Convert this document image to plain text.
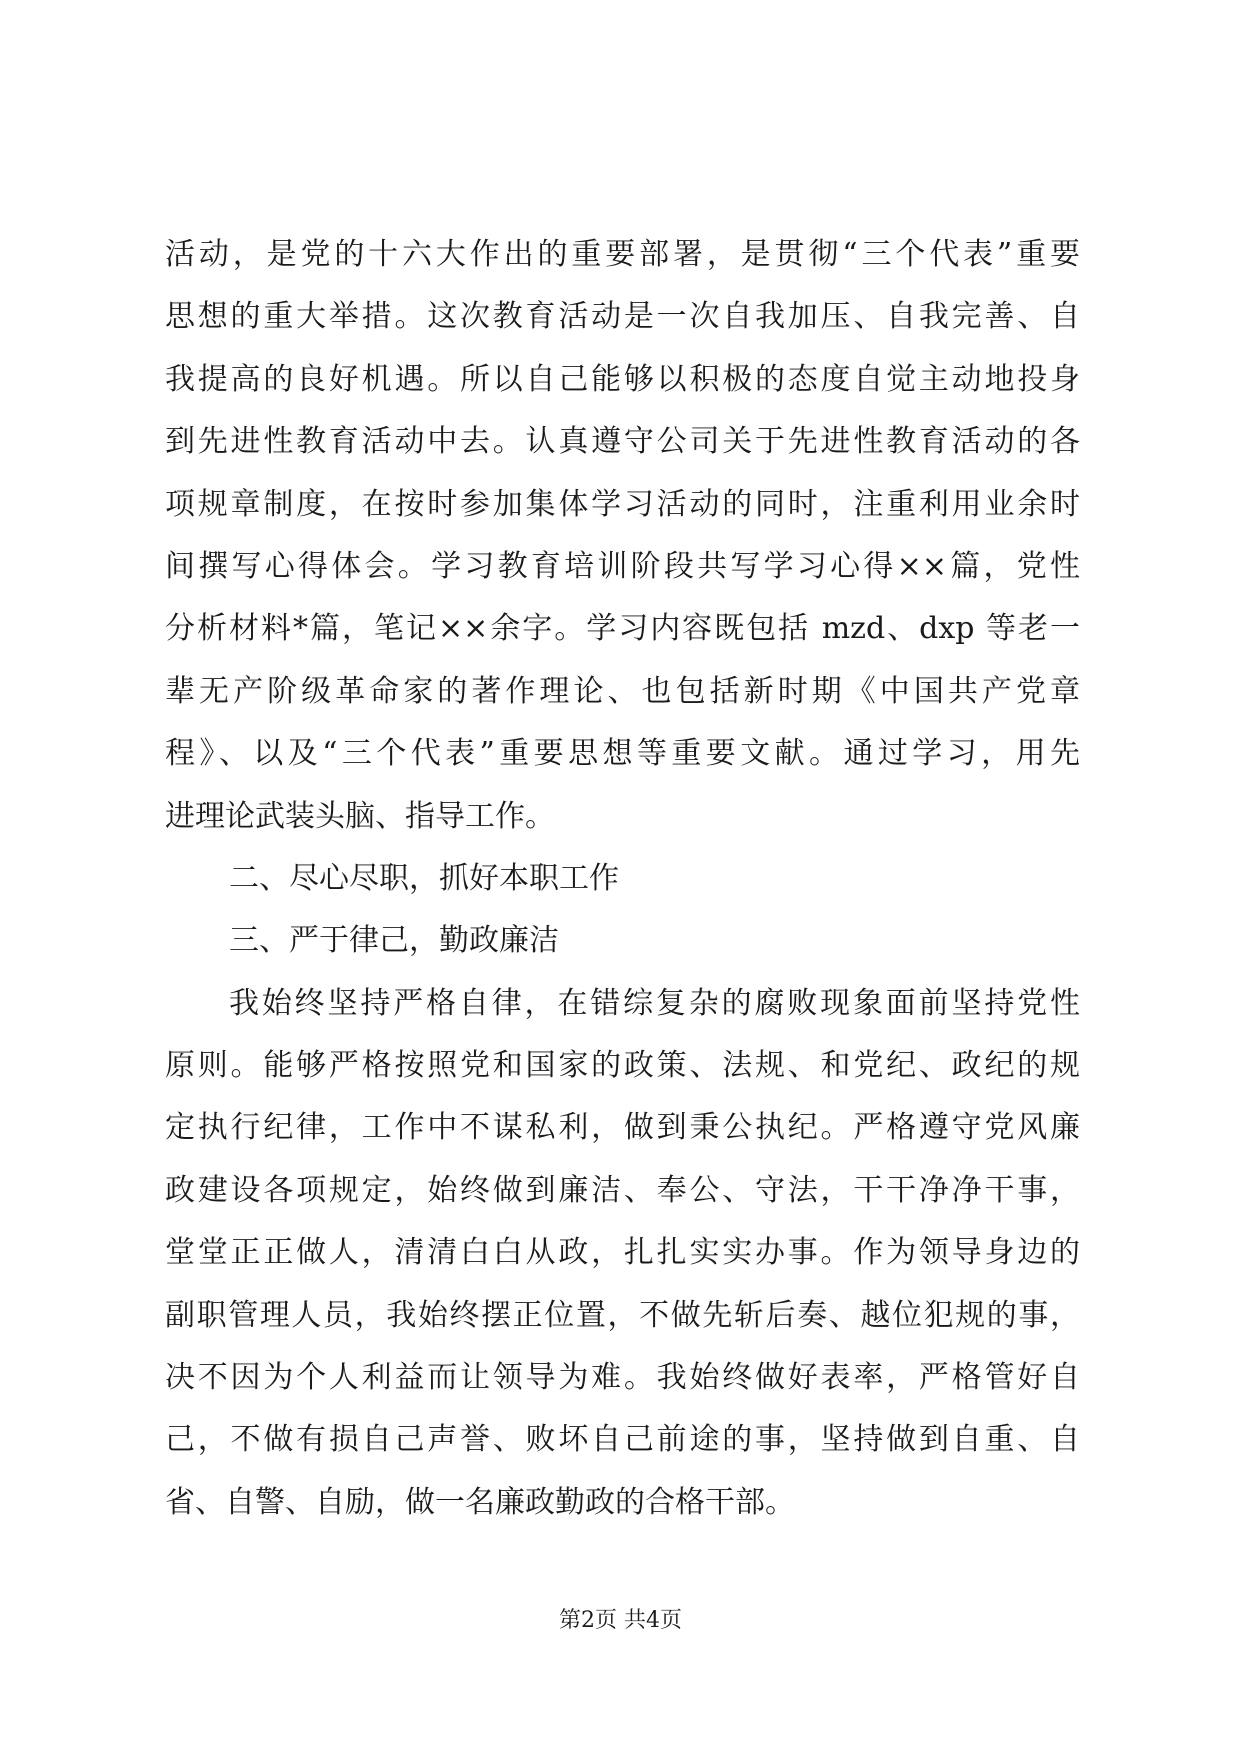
活动，是党的十六大作出的重要部署，是贯彻“三个代表”重要
思想的重大举措。这次教育活动是一次自我加压、自我完善、自
我提高的良好机遇。所以自己能够以积极的态度自觉主动地投身
到先进性教育活动中去。认真遵守公司关于先进性教育活动的各
项规章制度，在按时参加集体学习活动的同时，注重利用业余时
间撰写心得体会。学习教育培训阶段共写学习心得××篇，党性
分析材料*篇，笔记××余字。学习内容既包括 mzd、dxp 等老一
辈无产阶级革命家的著作理论、也包括新时期《中国共产党章
程》、以及“三个代表”重要思想等重要文献。通过学习，用先
进理论武装头脑、指导工作。
二、尽心尽职，抓好本职工作
三、严于律己，勤政廉洁
我始终坚持严格自律，在错综复杂的腐败现象面前坚持党性
原则。能够严格按照党和国家的政策、法规、和党纪、政纪的规
定执行纪律，工作中不谋私利，做到秉公执纪。严格遵守党风廉
政建设各项规定，始终做到廉洁、奉公、守法，干干净净干事，
堂堂正正做人，清清白白从政，扎扎实实办事。作为领导身边的
副职管理人员，我始终摆正位置，不做先斩后奏、越位犯规的事，
决不因为个人利益而让领导为难。我始终做好表率，严格管好自
己，不做有损自己声誉、败坏自己前途的事，坚持做到自重、自
省、自警、自励，做一名廉政勤政的合格干部。
第2页 共4页
